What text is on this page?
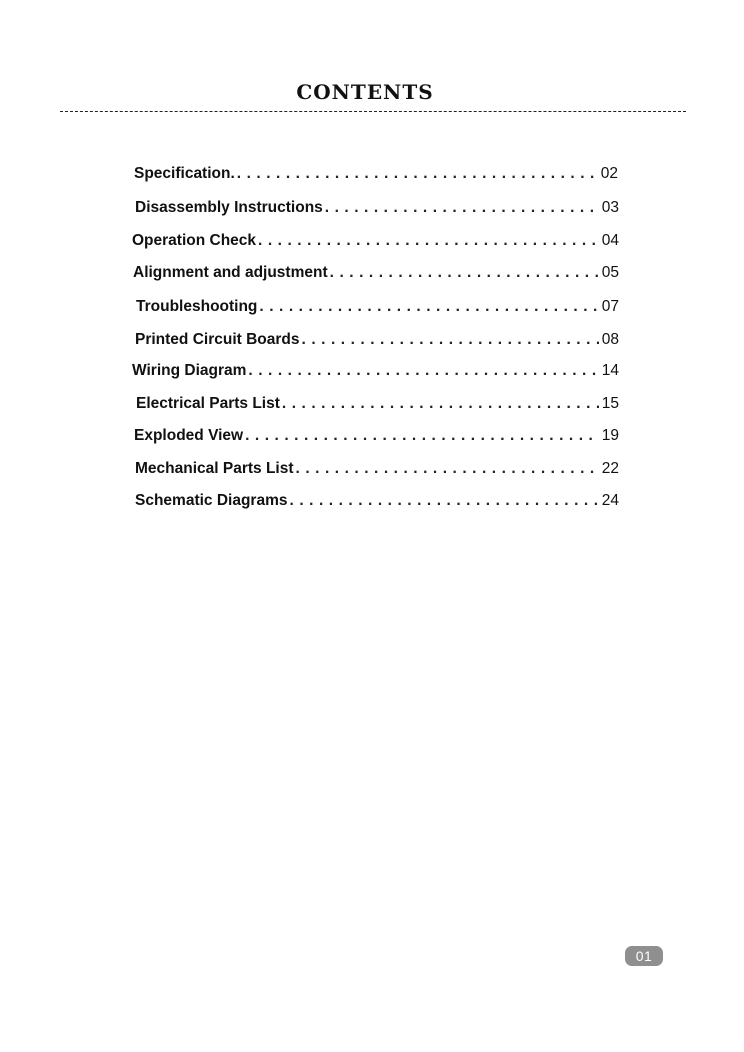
CONTENTS
Specification. . . .	02
Disassembly Instructions . . .	03
Operation Check . . .	04
Alignment and adjustment . . .	05
Troubleshooting . . .	07
Printed Circuit Boards . . .	08
Wiring Diagram . . .	14
Electrical Parts List . . .	15
Exploded View . . .	19
Mechanical Parts List . . .	22
Schematic Diagrams . . .	24
01
